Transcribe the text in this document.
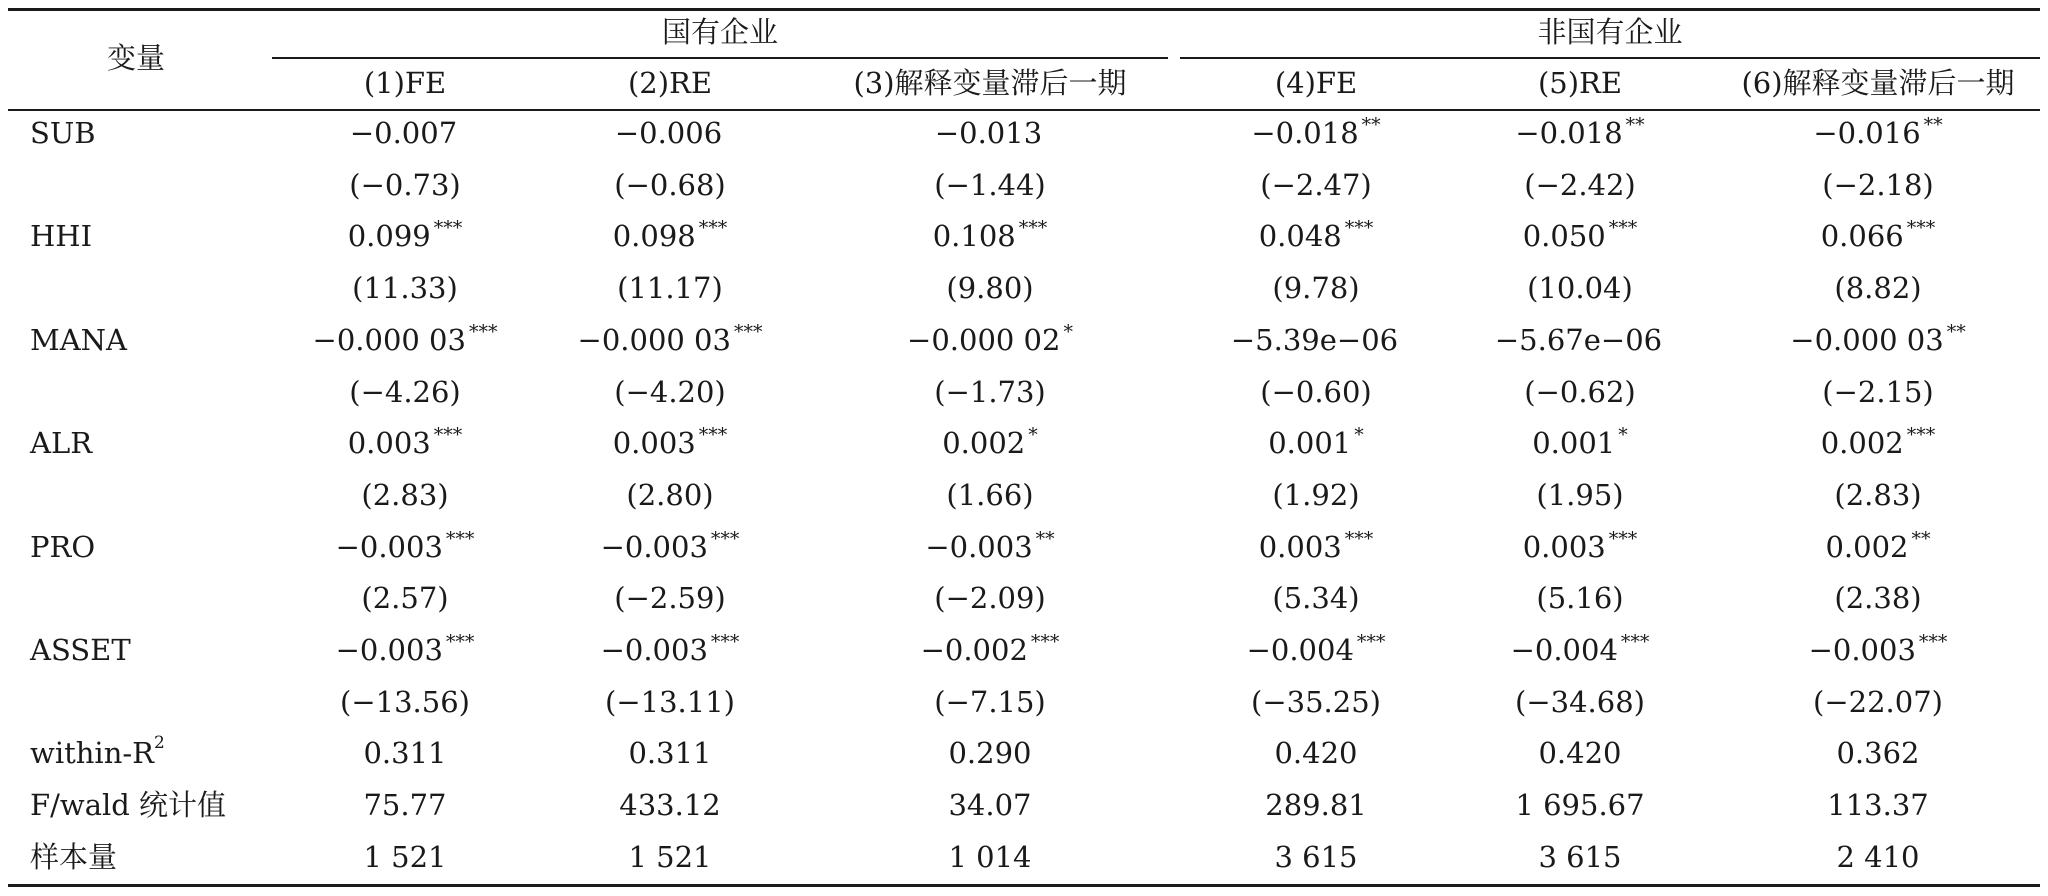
变量
国有企业	非国有企业
(1)FE	(2)RE	(3)解释变量滞后一期	(4)FE	(5)RE	(6)解释变量滞后一期
SUB	−0.007	−0.006	−0.013	−0.018 **	−0.018 **	−0.016 **
(−0.73)	(−0.68)	(−1.44)	(−2.47)	(−2.42)	(−2.18)
HHI	0.099 ***	0.098 ***	0.108 ***	0.048 ***	0.050 ***	0.066 ***
(11.33)	(11.17)	(9.80)	(9.78)	(10.04)	(8.82)
MANA	−0.000 03 ***	−0.000 03 ***	−0.000 02 *	−5.39e−06	−5.67e−06	−0.000 03 **
(−4.26)	(−4.20)	(−1.73)	(−0.60)	(−0.62)	(−2.15)
ALR	0.003 ***	0.003 ***	0.002 *	0.001 *	0.001 *	0.002 ***
(2.83)	(2.80)	(1.66)	(1.92)	(1.95)	(2.83)
PRO	−0.003 ***	−0.003 ***	−0.003 **	0.003 ***	0.003 ***	0.002 **
(2.57)	(−2.59)	(−2.09)	(5.34)	(5.16)	(2.38)
ASSET	−0.003 ***	−0.003 ***	−0.002 ***	−0.004 ***	−0.004 ***	−0.003 ***
(−13.56)	(−13.11)	(−7.15)	(−35.25)	(−34.68)	(−22.07)
within-$R^2$	0.311	0.311	0.290	0.420	0.420	0.362
F/wald 统计值	75.77	433.12	34.07	289.81	1 695.67	113.37
样本量	1 521	1 521	1 014	3 615	3 615	2 410
